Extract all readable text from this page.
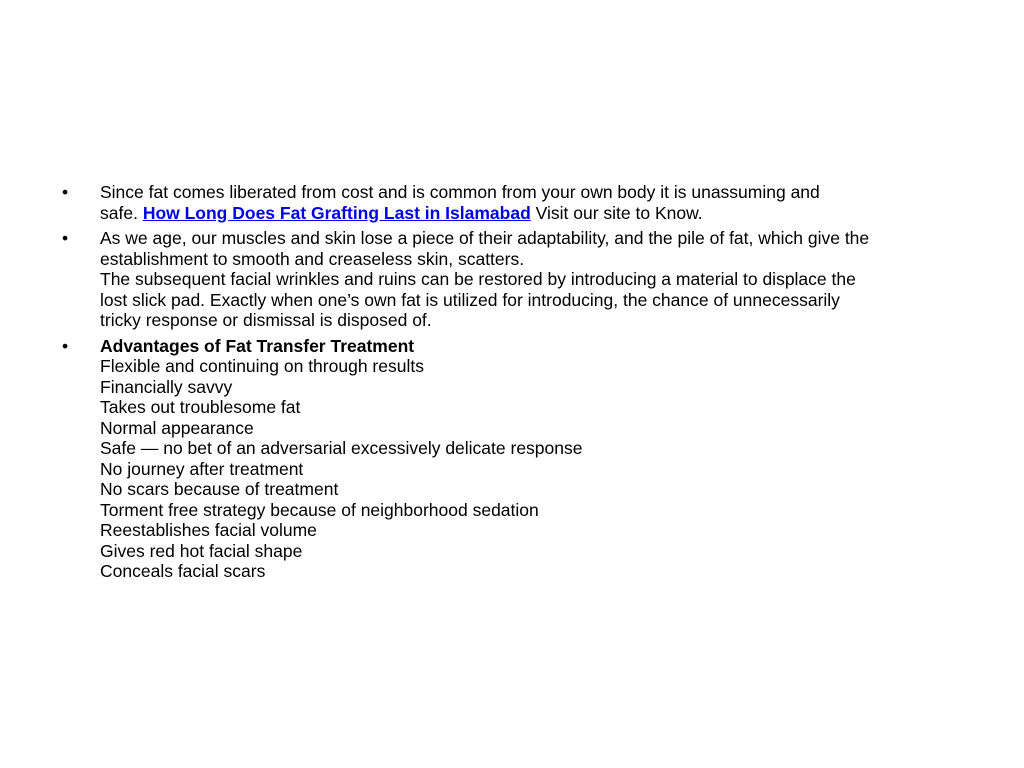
•	Since fat comes liberated from cost and is common from your own body it is unassuming and
safe. How Long Does Fat Grafting Last in Islamabad Visit our site to Know.
•	As we age, our muscles and skin lose a piece of their adaptability, and the pile of fat, which give the
establishment to smooth and creaseless skin, scatters.
The subsequent facial wrinkles and ruins can be restored by introducing a material to displace the
lost slick pad. Exactly when one’s own fat is utilized for introducing, the chance of unnecessarily
tricky response or dismissal is disposed of.
•	Advantages of Fat Transfer Treatment
Flexible and continuing on through results
Financially savvy
Takes out troublesome fat
Normal appearance
Safe — no bet of an adversarial excessively delicate response
No journey after treatment
No scars because of treatment
Torment free strategy because of neighborhood sedation
Reestablishes facial volume
Gives red hot facial shape
Conceals facial scars
